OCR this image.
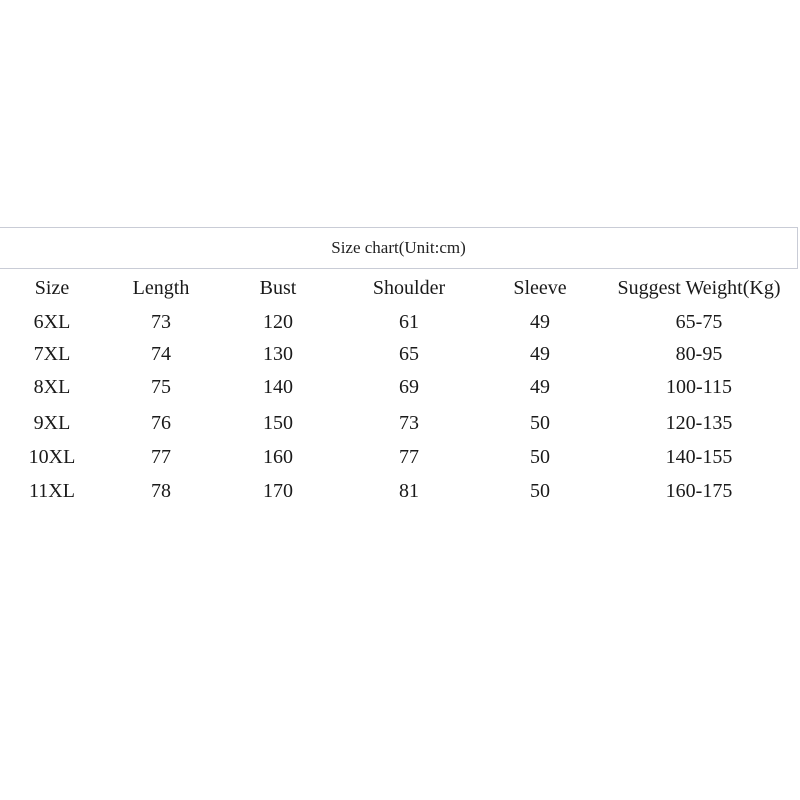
Size chart(Unit:cm)
Size	Length	Bust	Shoulder	Sleeve	Suggest Weight(Kg)
6XL	73	120	61	49	65-75
7XL	74	130	65	49	80-95
8XL	75	140	69	49	100-115
9XL	76	150	73	50	120-135
10XL	77	160	77	50	140-155
11XL	78	170	81	50	160-175
